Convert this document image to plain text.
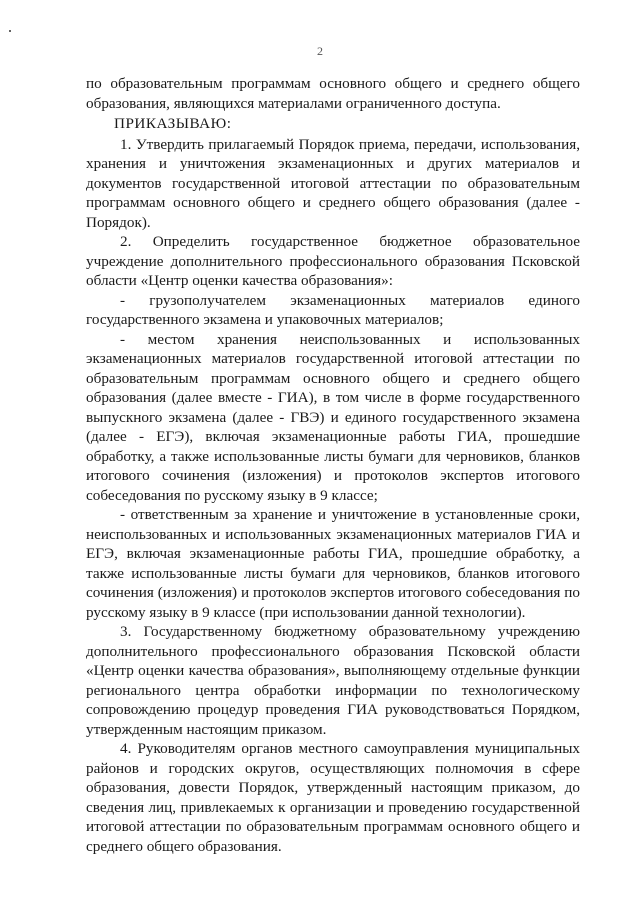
2

по образовательным программам основного общего и среднего общего образования, являющихся материалами ограниченного доступа.

ПРИКАЗЫВАЮ:

1. Утвердить прилагаемый Порядок приема, передачи, использования, хранения и уничтожения экзаменационных и других материалов и документов государственной итоговой аттестации по образовательным программам основного общего и среднего общего образования (далее - Порядок).

2. Определить государственное бюджетное образовательное учреждение дополнительного профессионального образования Псковской области «Центр оценки качества образования»:

- грузополучателем экзаменационных материалов единого государственного экзамена и упаковочных материалов;

- местом хранения неиспользованных и использованных экзаменационных материалов государственной итоговой аттестации по образовательным программам основного общего и среднего общего образования (далее вместе - ГИА), в том числе в форме государственного выпускного экзамена (далее - ГВЭ) и единого государственного экзамена (далее - ЕГЭ), включая экзаменационные работы ГИА, прошедшие обработку, а также использованные листы бумаги для черновиков, бланков итогового сочинения (изложения) и протоколов экспертов итогового собеседования по русскому языку в 9 классе;

- ответственным за хранение и уничтожение в установленные сроки, неиспользованных и использованных экзаменационных материалов ГИА и ЕГЭ, включая экзаменационные работы ГИА, прошедшие обработку, а также использованные листы бумаги для черновиков, бланков итогового сочинения (изложения) и протоколов экспертов итогового собеседования по русскому языку в 9 классе (при использовании данной технологии).

3. Государственному бюджетному образовательному учреждению дополнительного профессионального образования Псковской области «Центр оценки качества образования», выполняющему отдельные функции регионального центра обработки информации по технологическому сопровождению процедур проведения ГИА руководствоваться Порядком, утвержденным настоящим приказом.

4. Руководителям органов местного самоуправления муниципальных районов и городских округов, осуществляющих полномочия в сфере образования, довести Порядок, утвержденный настоящим приказом, до сведения лиц, привлекаемых к организации и проведению государственной итоговой аттестации по образовательным программам основного общего и среднего общего образования.
